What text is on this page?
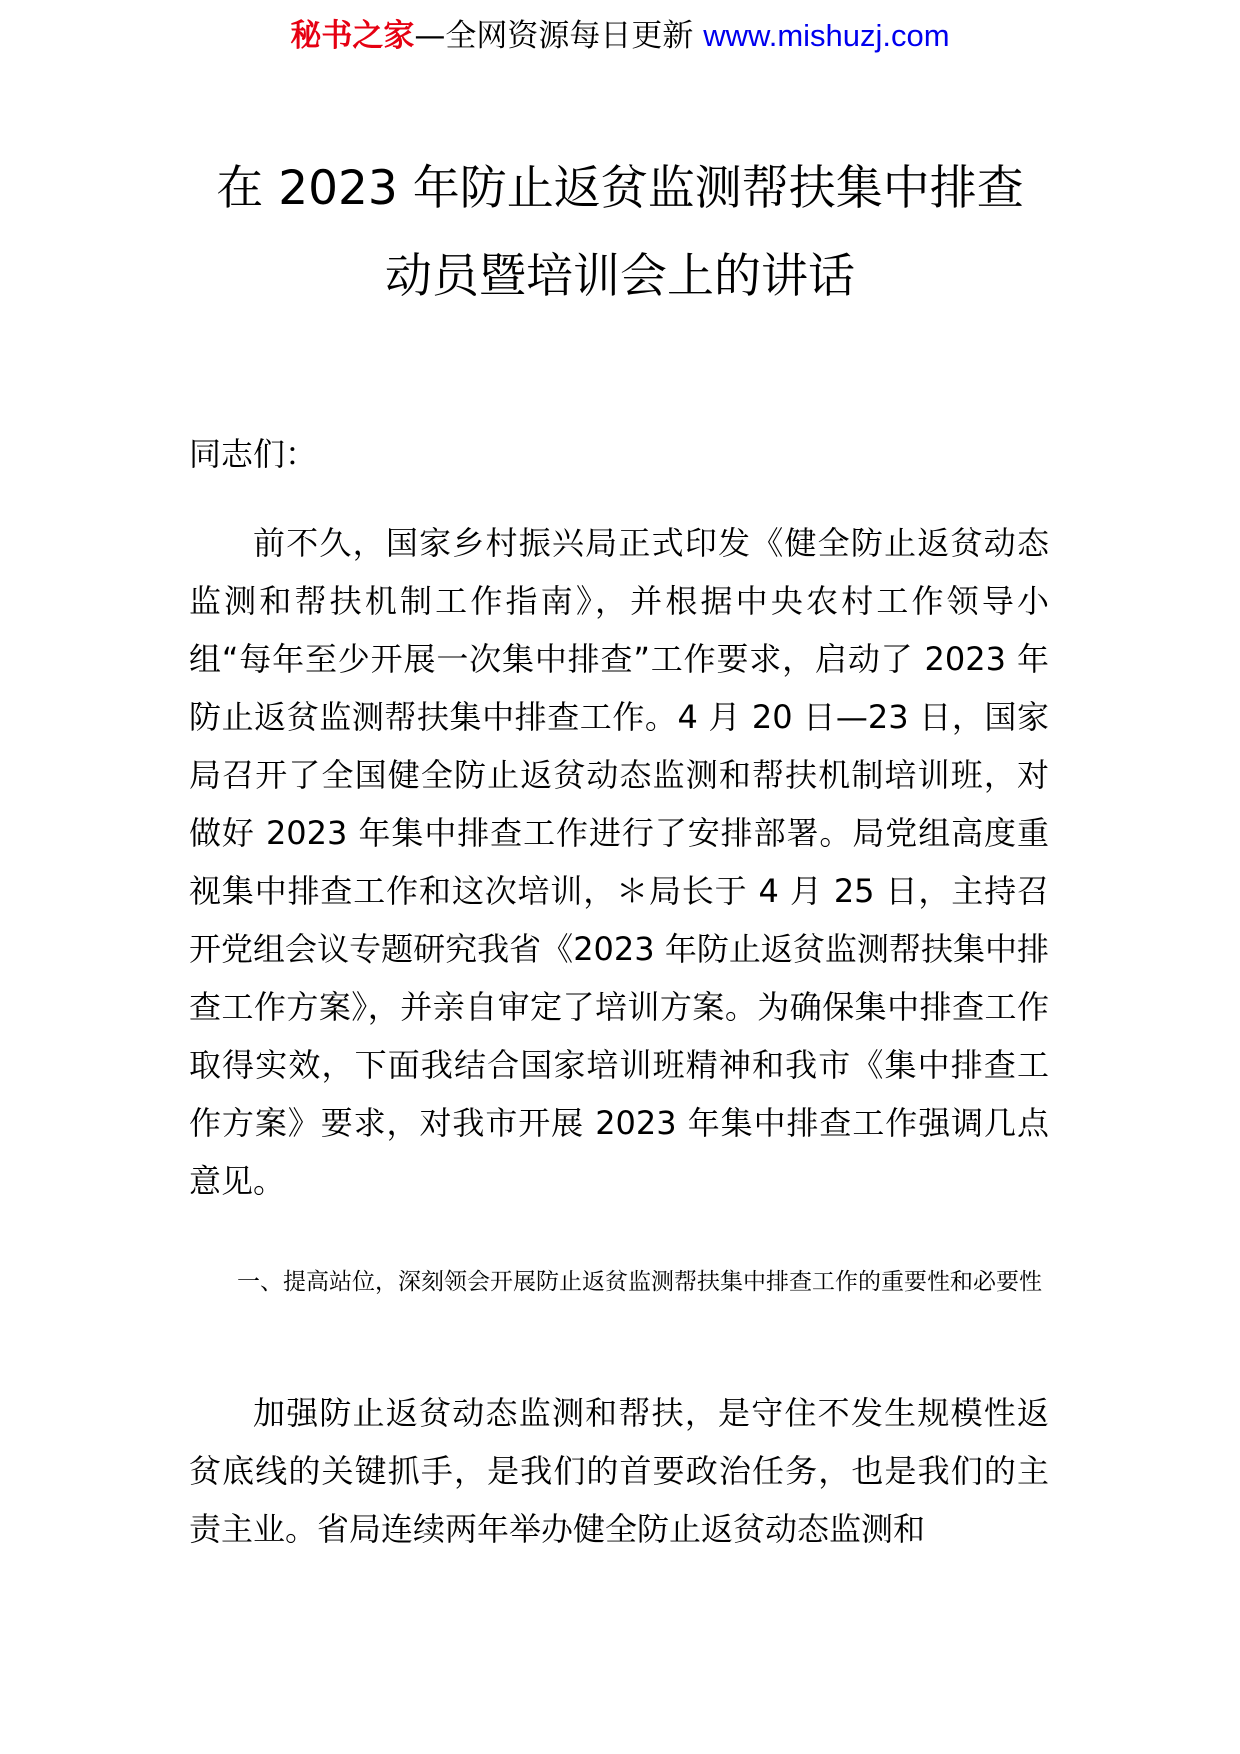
秘书之家—全网资源每日更新 www.mishuzj.com
在 2023 年防止返贫监测帮扶集中排查
动员暨培训会上的讲话

同志们：

前不久，国家乡村振兴局正式印发《健全防止返贫动态监测和帮扶机制工作指南》，并根据中央农村工作领导小组“每年至少开展一次集中排查”工作要求，启动了 2023 年防止返贫监测帮扶集中排查工作。4 月 20 日—23 日，国家局召开了全国健全防止返贫动态监测和帮扶机制培训班，对做好 2023 年集中排查工作进行了安排部署。局党组高度重视集中排查工作和这次培训，＊局长于 4 月 25 日，主持召开党组会议专题研究我省《2023 年防止返贫监测帮扶集中排查工作方案》，并亲自审定了培训方案。为确保集中排查工作取得实效，下面我结合国家培训班精神和我市《集中排查工作方案》要求，对我市开展 2023 年集中排查工作强调几点意见。

一、提高站位，深刻领会开展防止返贫监测帮扶集中排查工作的重要性和必要性

加强防止返贫动态监测和帮扶，是守住不发生规模性返贫底线的关键抓手，是我们的首要政治任务，也是我们的主责主业。省局连续两年举办健全防止返贫动态监测和
